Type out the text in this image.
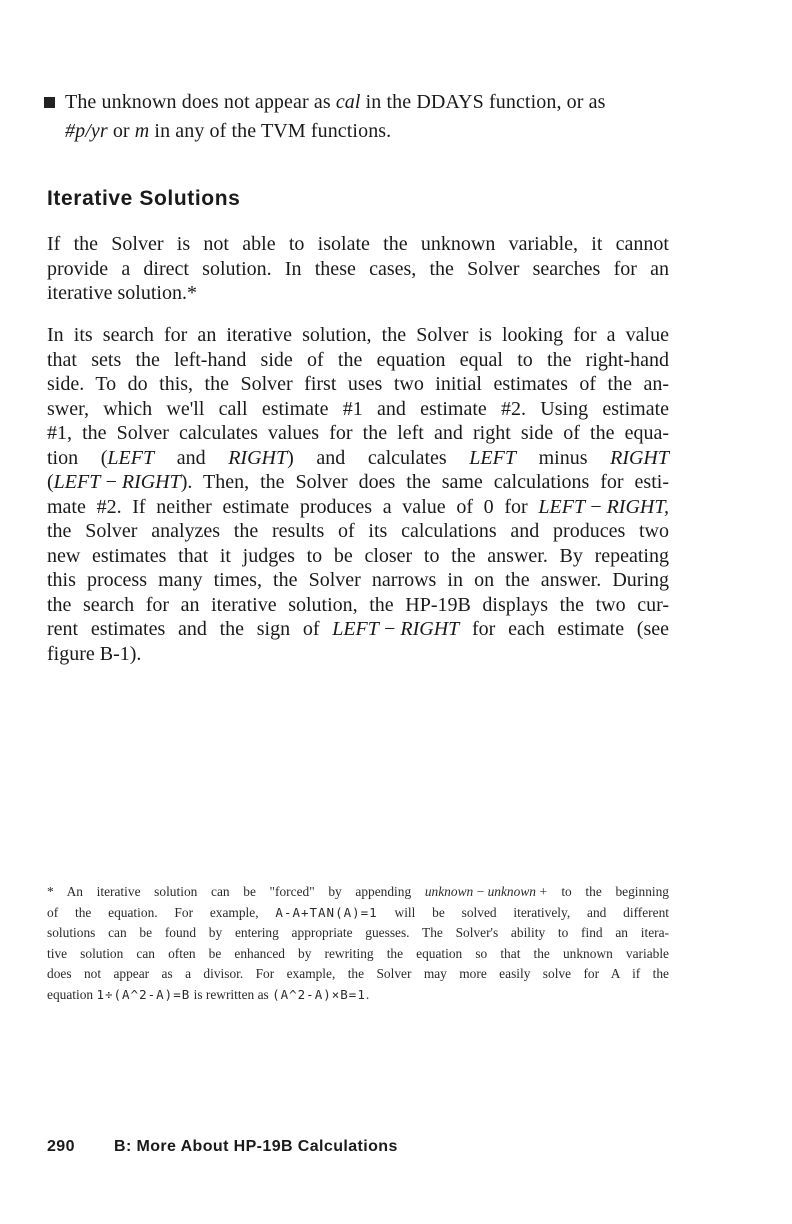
The unknown does not appear as cal in the DDAYS function, or as
#p/yr or m in any of the TVM functions.
Iterative Solutions

If the Solver is not able to isolate the unknown variable, it cannot
provide a direct solution. In these cases, the Solver searches for an
iterative solution.*

In its search for an iterative solution, the Solver is looking for a value
that sets the left-hand side of the equation equal to the right-hand
side. To do this, the Solver first uses two initial estimates of the an-
swer, which we'll call estimate #1 and estimate #2. Using estimate
#1, the Solver calculates values for the left and right side of the equa-
tion (LEFT and RIGHT) and calculates LEFT minus RIGHT
(LEFT − RIGHT). Then, the Solver does the same calculations for esti-
mate #2. If neither estimate produces a value of 0 for LEFT − RIGHT,
the Solver analyzes the results of its calculations and produces two
new estimates that it judges to be closer to the answer. By repeating
this process many times, the Solver narrows in on the answer. During
the search for an iterative solution, the HP-19B displays the two cur-
rent estimates and the sign of LEFT − RIGHT for each estimate (see
figure B-1).

* An iterative solution can be "forced" by appending unknown − unknown + to the beginning
of the equation. For example, A-A+TAN(A)=1 will be solved iteratively, and different
solutions can be found by entering appropriate guesses. The Solver's ability to find an itera-
tive solution can often be enhanced by rewriting the equation so that the unknown variable
does not appear as a divisor. For example, the Solver may more easily solve for A if the
equation 1÷(A^2-A)=B is rewritten as (A^2-A)×B=1.
290 B: More About HP-19B Calculations
